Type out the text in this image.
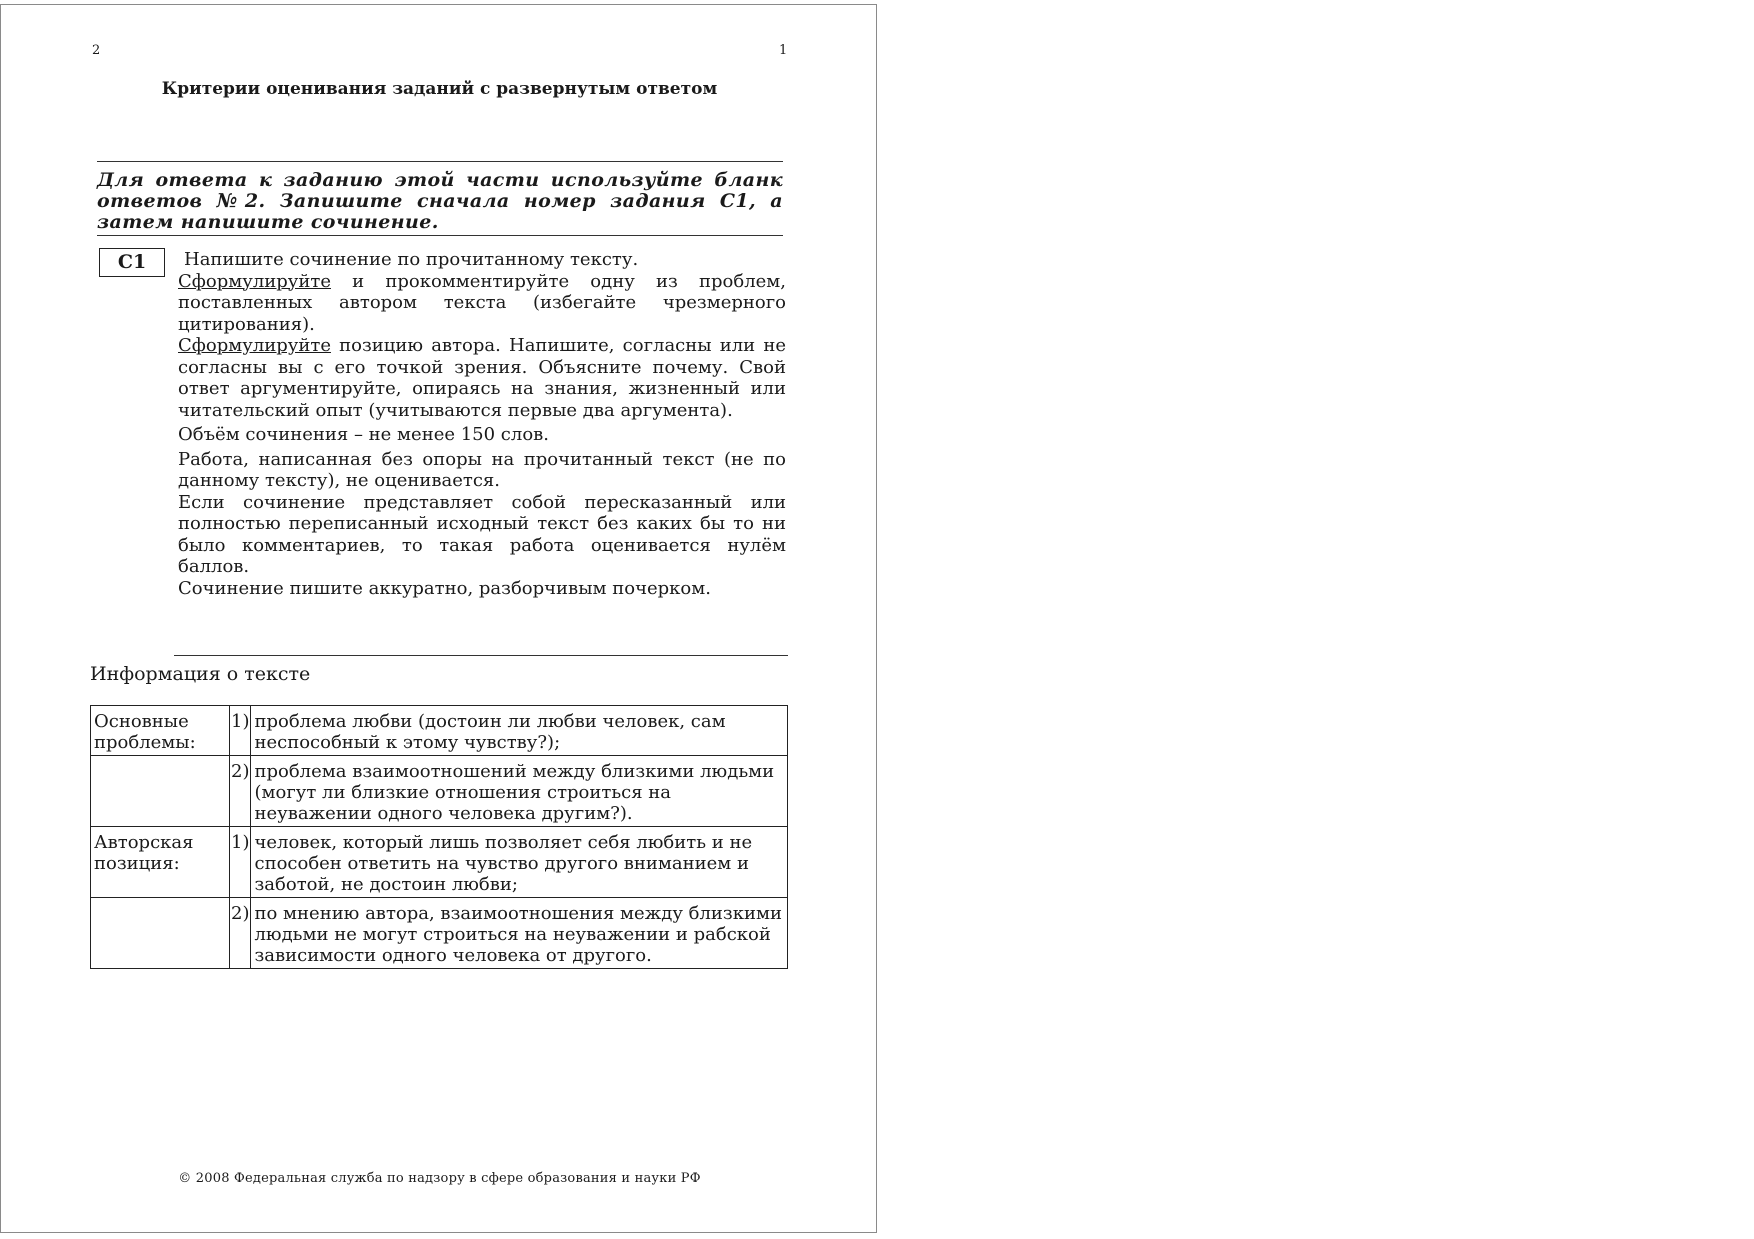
2	1
Критерии оценивания заданий с развернутым ответом
Для ответа к заданию этой части используйте бланк ответов №2. Запишите сначала номер задания С1, а затем напишите сочинение.
С1	Напишите сочинение по прочитанному тексту.

Сформулируйте и прокомментируйте одну из проблем, поставленных автором текста (избегайте чрезмерного цитирования).

Сформулируйте позицию автора. Напишите, согласны или не согласны вы с его точкой зрения. Объясните почему. Свой ответ аргументируйте, опираясь на знания, жизненный или читательский опыт (учитываются первые два аргумента).

Объём сочинения – не менее 150 слов.

Работа, написанная без опоры на прочитанный текст (не по данному тексту), не оценивается.

Если сочинение представляет собой пересказанный или полностью переписанный исходный текст без каких бы то ни было комментариев, то такая работа оценивается нулём баллов.

Сочинение пишите аккуратно, разборчивым почерком.

Информация о тексте
Основные проблемы:	1)	проблема любви (достоин ли любви человек, сам неспособный к этому чувству?);
	2)	проблема взаимоотношений между близкими людьми (могут ли близкие отношения строиться на неуважении одного человека другим?).
Авторская позиция:	1)	человек, который лишь позволяет себя любить и не способен ответить на чувство другого вниманием и заботой, не достоин любви;
	2)	по мнению автора, взаимоотношения между близкими людьми не могут строиться на неуважении и рабской зависимости одного человека от другого.
© 2008 Федеральная служба по надзору в сфере образования и науки РФ
